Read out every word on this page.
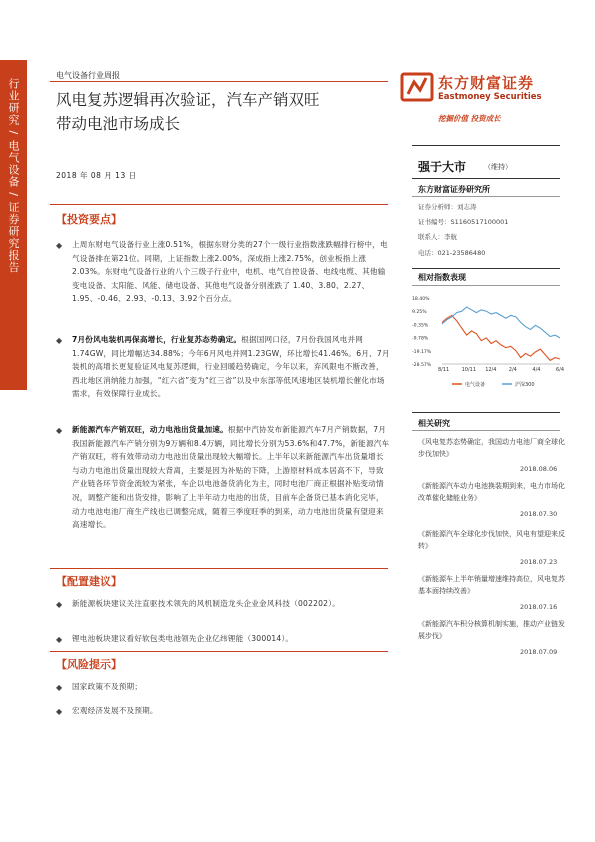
行业研究 / 电气设备 / 证券研究报告
电气设备行业周报
风电复苏逻辑再次验证，汽车产销双旺
带动电池市场成长
2018 年 08 月 13 日
东方财富证券
Eastmoney Securities
挖掘价值 投资成长
【投资要点】
◆	上周东财电气设备行业上涨0.51%，根据东财分类的27个一级行业指数涨跌幅排行榜中，电气设备排在第21位。同期，上证指数上涨2.00%，深成指上涨2.75%，创业板指上涨2.03%。东财电气设备行业的八个三级子行业中，电机、电气自控设备、电线电缆、其他输变电设备、太阳能、风能、储电设备、其他电气设备分别涨跌了 1.40、3.80、2.27、1.95、-0.46、2.93、-0.13、3.92个百分点。
◆	7月份风电装机再保高增长，行业复苏态势确定。根据国网口径，7月份我国风电并网1.74GW，同比增幅达34.88%；今年6月风电并网1.23GW，环比增长41.46%。6月、7月装机的高增长更复验证风电复苏逻辑，行业回暖趋势确定，今年以来，弃风限电不断改善，西北地区消纳能力加强，“红六省”变为“红三省”以及中东部等低风速地区装机增长催化市场需求，有效保障行业成长。
◆	新能源汽车产销双旺，动力电池出货量加速。根据中汽协发布新能源汽车7月产销数据，7月我国新能源汽车产销分别为9万辆和8.4万辆，同比增长分别为53.6%和47.7%，新能源汽车产销双旺，将有效带动动力电池出货量出现较大幅增长。上半年以来新能源汽车出货量增长与动力电池出货量出现较大背离，主要是因为补贴的下降，上游原材料成本居高不下，导致产业链各环节资金流较为紧张，车企以电池备货消化为主，同时电池厂商正根据补贴变动情况，调整产能和出货安排，影响了上半年动力电池的出货，目前车企备货已基本消化完毕，动力电池电池厂商生产线也已调整完成，随着三季度旺季的到来，动力电池出货量有望迎来高速增长。
【配置建议】
◆	新能源板块建议关注直驱技术领先的风机制造龙头企业金风科技（002202）。
◆	锂电池板块建议看好软包类电池领先企业亿纬锂能（300014）。
【风险提示】
◆	国家政策不及预期；
◆	宏观经济发展不及预期。
强于大市	（维持）
东方财富证券研究所
证券分析师：刘志涛
证书编号：S1160517100001
联系人：李航
电话：021-23586480
相对指数表现
18.40%
9.25%
-0.35%
-9.78%
-19.17%
-28.57%
8/11 10/11 12/4 2/4	4/4	6/4
电气设备	沪深300
相关研究
《风电复苏态势确定，我国动力电池厂商全球化步伐加快》
2018.08.06
《新能源汽车动力电池换装期到来，电力市场化改革催化储能业务》
2018.07.30
《新能源汽车全球化步伐加快，风电有望迎来反转》
2018.07.23
《新能源车上半年销量增速维持高位，风电复苏基本面持续改善》
2018.07.16
《新能源汽车积分核算机制实施，推动产业链发展步伐》
2018.07.09
